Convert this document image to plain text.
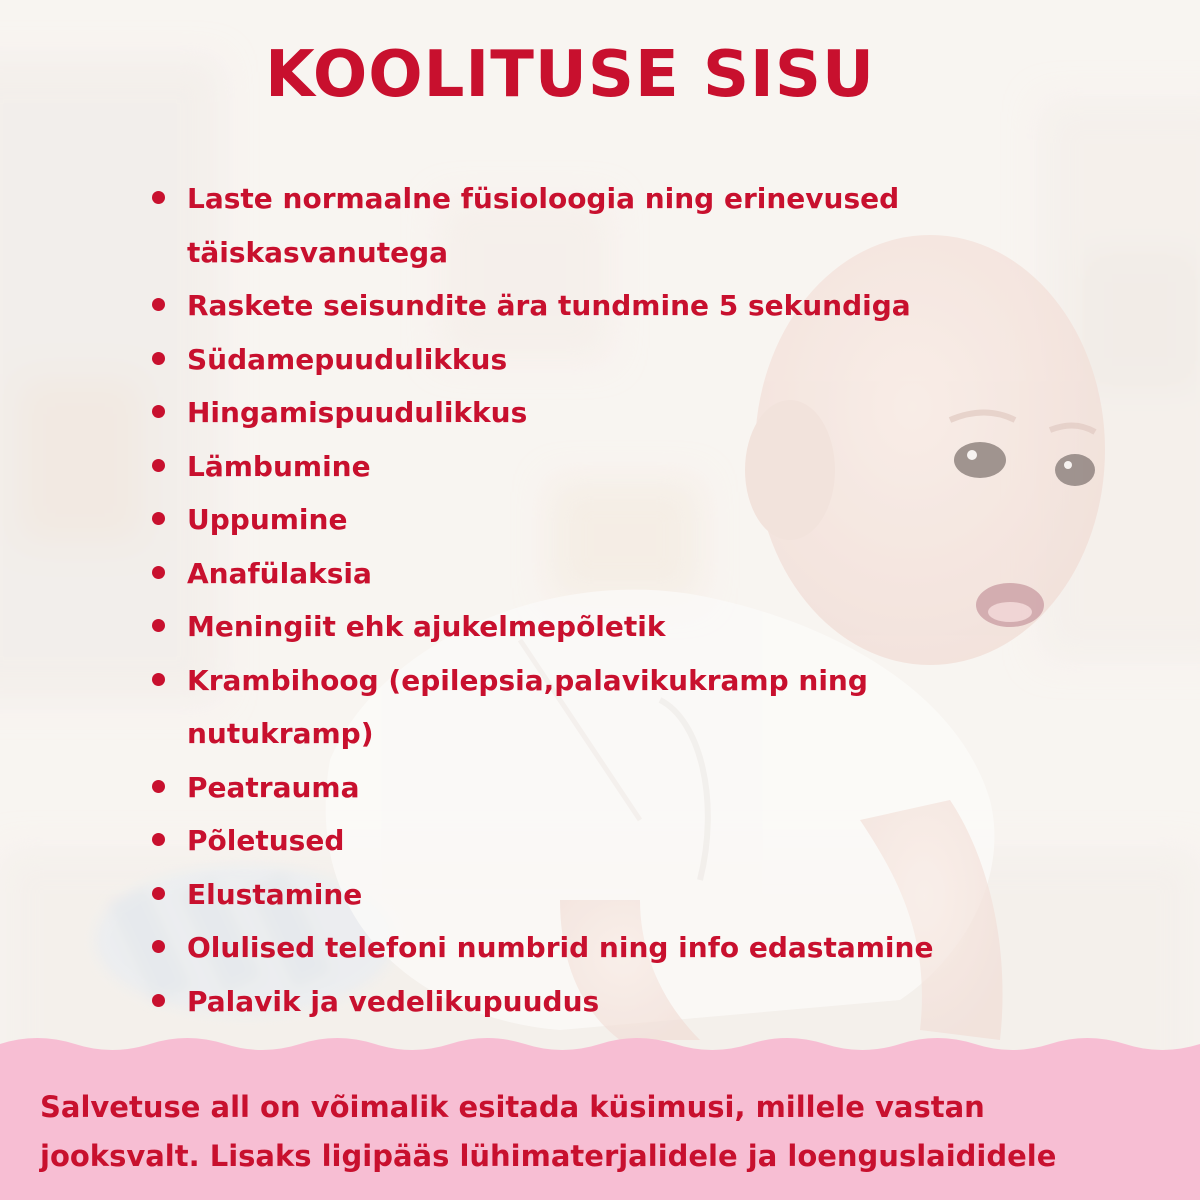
KOOLITUSE SISU
Laste normaalne füsioloogia ning erinevused
täiskasvanutega
Raskete seisundite ära tundmine 5 sekundiga
Südamepuudulikkus
Hingamispuudulikkus
Lämbumine
Uppumine
Anafülaksia
Meningiit ehk ajukelmepõletik
Krambihoog (epilepsia,palavikukramp ning
nutukramp)
Peatrauma
Põletused
Elustamine
Olulised telefoni numbrid ning info edastamine
Palavik ja vedelikupuudus
Salvetuse all on võimalik esitada küsimusi, millele vastan
jooksvalt. Lisaks ligipääs lühimaterjalidele ja loenguslaididele
